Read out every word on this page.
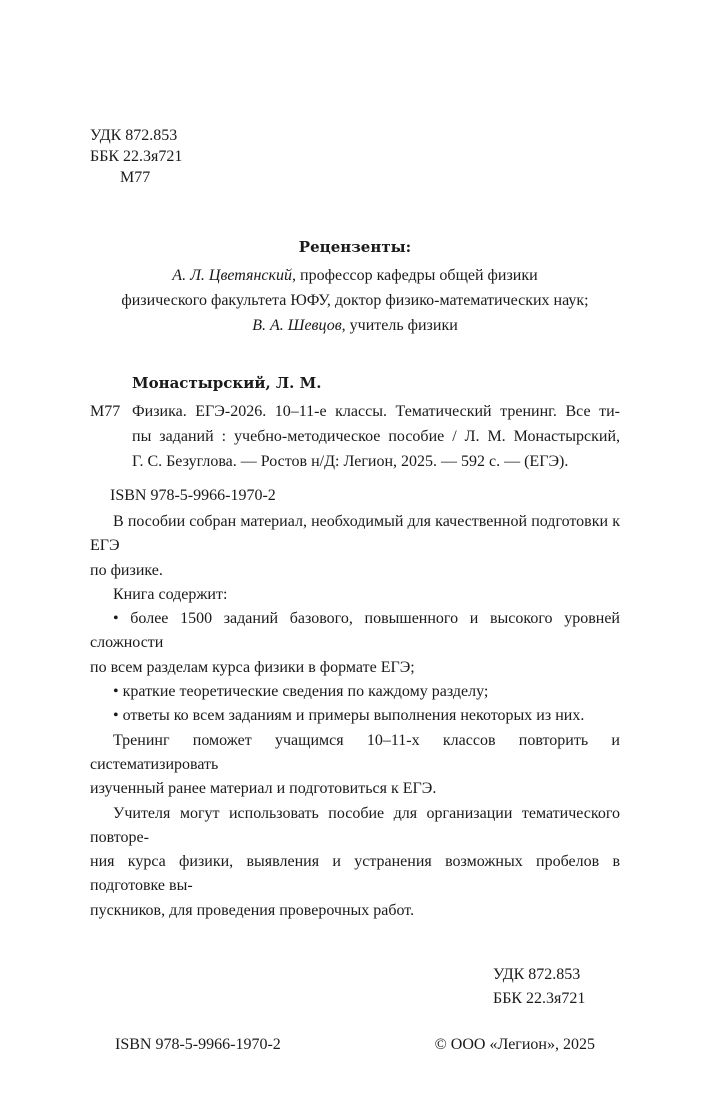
УДК 872.853
ББК 22.3я721
М77
Рецензенты:
А. Л. Цветянский, профессор кафедры общей физики
физического факультета ЮФУ, доктор физико-математических наук;
В. А. Шевцов, учитель физики
Монастырский, Л. М.
М77 Физика. ЕГЭ-2026. 10–11-е классы. Тематический тренинг. Все ти-
пы заданий : учебно-методическое пособие / Л. М. Монастырский,
Г. С. Безуглова. — Ростов н/Д: Легион, 2025. — 592 с. — (ЕГЭ).
ISBN 978-5-9966-1970-2
В пособии собран материал, необходимый для качественной подготовки к ЕГЭ
по физике.
Книга содержит:
• более 1500 заданий базового, повышенного и высокого уровней сложности
по всем разделам курса физики в формате ЕГЭ;
• краткие теоретические сведения по каждому разделу;
• ответы ко всем заданиям и примеры выполнения некоторых из них.
Тренинг поможет учащимся 10–11-х классов повторить и систематизировать
изученный ранее материал и подготовиться к ЕГЭ.
Учителя могут использовать пособие для организации тематического повторе-
ния курса физики, выявления и устранения возможных пробелов в подготовке вы-
пускников, для проведения проверочных работ.
УДК 872.853
ББК 22.3я721
ISBN 978-5-9966-1970-2	© ООО «Легион», 2025
